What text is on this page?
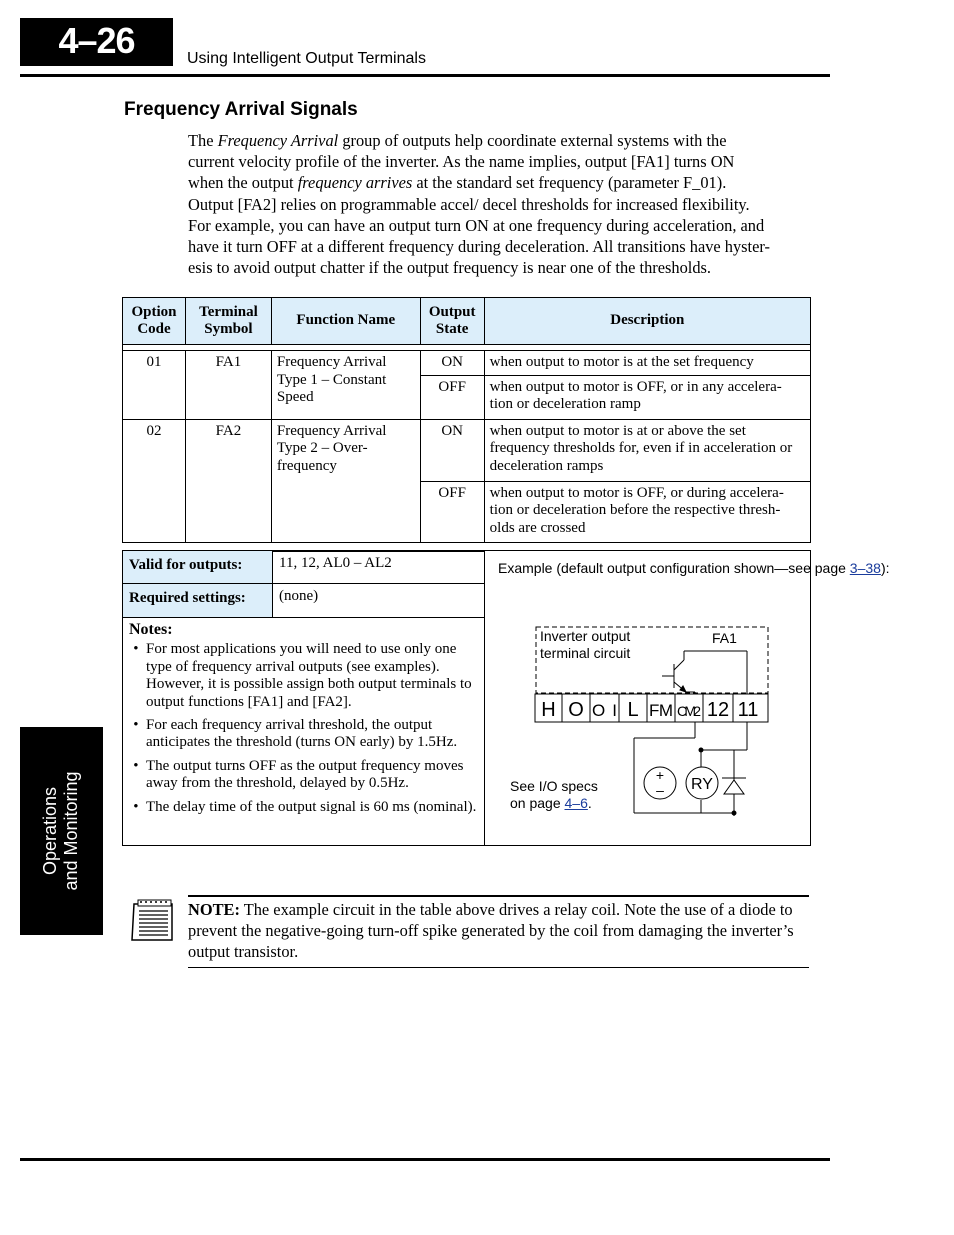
4–26	Using Intelligent Output Terminals
Operations and Monitoring
Frequency Arrival Signals
The Frequency Arrival group of outputs help coordinate external systems with the
current velocity profile of the inverter. As the name implies, output [FA1] turns ON
when the output frequency arrives at the standard set frequency (parameter F_01).
Output [FA2] relies on programmable accel/ decel thresholds for increased flexibility.
For example, you can have an output turn ON at one frequency during acceleration, and
have it turn OFF at a different frequency during deceleration. All transitions have hyster-
esis to avoid output chatter if the output frequency is near one of the thresholds.
Option Code	Terminal Symbol	Function Name	Output State	Description

01	FA1	Frequency Arrival Type 1 – Constant Speed	ON	when output to motor is at the set frequency
			OFF	when output to motor is OFF, or in any accelera-tion or deceleration ramp
02	FA2	Frequency Arrival Type 2 – Over-frequency	ON	when output to motor is at or above the set frequency thresholds for, even if in acceleration or deceleration ramps
			OFF	when output to motor is OFF, or during accelera-tion or deceleration before the respective thresh-olds are crossed
Valid for outputs:	11, 12, AL0 – AL2
Required settings:	(none)
Notes:
• For most applications you will need to use only one type of frequency arrival outputs (see examples). However, it is possible assign both output terminals to output functions [FA1] and [FA2].
• For each frequency arrival threshold, the output anticipates the threshold (turns ON early) by 1.5Hz.
• The output turns OFF as the output frequency moves away from the threshold, delayed by 0.5Hz.
• The delay time of the output signal is 60 ms (nominal).
Example (default output configuration shown—see page 3–38):
Inverter output
terminal circuit
FA1
H O OI L FM CM2 12 11
+
– RY
See I/O specs
on page 4–6.
NOTE: The example circuit in the table above drives a relay coil. Note the use of a diode to prevent the negative-going turn-off spike generated by the coil from damaging the inverter’s output transistor.
